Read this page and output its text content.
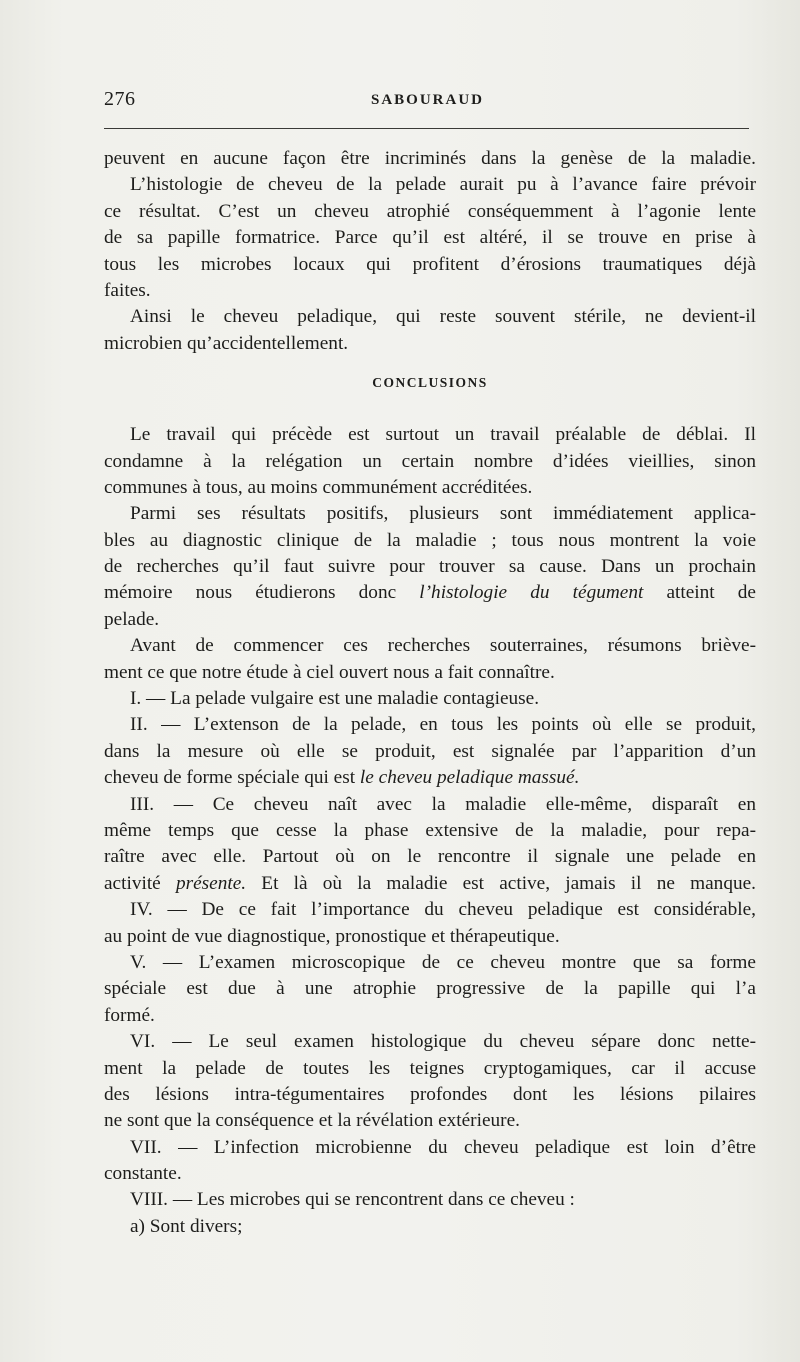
276	SABOURAUD
peuvent en aucune façon être incriminés dans la genèse de la maladie.
L’histologie de cheveu de la pelade aurait pu à l’avance faire prévoir
ce résultat. C’est un cheveu atrophié conséquemment à l’agonie lente
de sa papille formatrice. Parce qu’il est altéré, il se trouve en prise à
tous les microbes locaux qui profitent d’érosions traumatiques déjà
faites.
Ainsi le cheveu peladique, qui reste souvent stérile, ne devient-il
microbien qu’accidentellement.
CONCLUSIONS
Le travail qui précède est surtout un travail préalable de déblai. Il
condamne à la relégation un certain nombre d’idées vieillies, sinon
communes à tous, au moins communément accréditées.
Parmi ses résultats positifs, plusieurs sont immédiatement applica-
bles au diagnostic clinique de la maladie ; tous nous montrent la voie
de recherches qu’il faut suivre pour trouver sa cause. Dans un prochain
mémoire nous étudierons donc l’histologie du tégument atteint de
pelade.
Avant de commencer ces recherches souterraines, résumons briève-
ment ce que notre étude à ciel ouvert nous a fait connaître.
I. — La pelade vulgaire est une maladie contagieuse.
II. — L’extenson de la pelade, en tous les points où elle se produit,
dans la mesure où elle se produit, est signalée par l’apparition d’un
cheveu de forme spéciale qui est le cheveu peladique massué.
III. — Ce cheveu naît avec la maladie elle-même, disparaît en
même temps que cesse la phase extensive de la maladie, pour repa-
raître avec elle. Partout où on le rencontre il signale une pelade en
activité présente. Et là où la maladie est active, jamais il ne manque.
IV. — De ce fait l’importance du cheveu peladique est considérable,
au point de vue diagnostique, pronostique et thérapeutique.
V. — L’examen microscopique de ce cheveu montre que sa forme
spéciale est due à une atrophie progressive de la papille qui l’a
formé.
VI. — Le seul examen histologique du cheveu sépare donc nette-
ment la pelade de toutes les teignes cryptogamiques, car il accuse
des lésions intra-tégumentaires profondes dont les lésions pilaires
ne sont que la conséquence et la révélation extérieure.
VII. — L’infection microbienne du cheveu peladique est loin d’être
constante.
VIII. — Les microbes qui se rencontrent dans ce cheveu :
a) Sont divers;
